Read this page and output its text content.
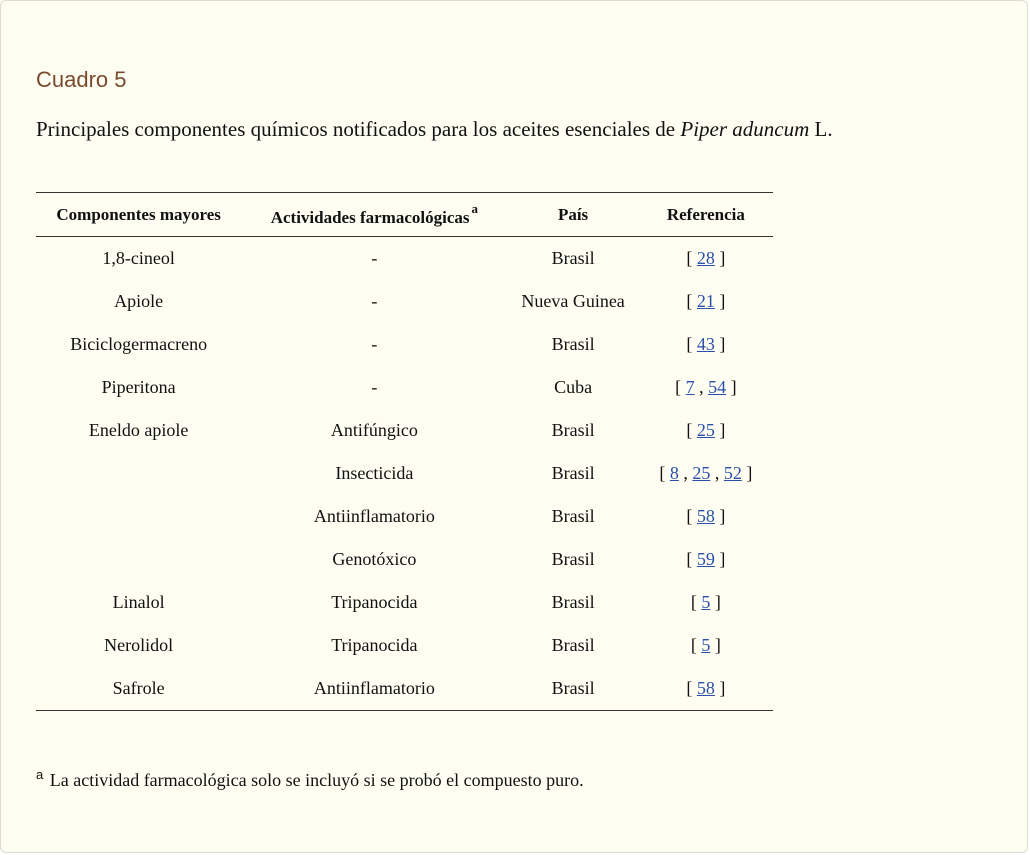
Cuadro 5

Principales componentes químicos notificados para los aceites esenciales de Piper aduncum L.

Componentes mayores	Actividades farmacológicas $^a$	País	Referencia
1,8-cineol	-	Brasil	[ 28 ]
Apiole	-	Nueva Guinea	[ 21 ]
Biciclogermacreno	-	Brasil	[ 43 ]
Piperitona	-	Cuba	[ 7 , 54 ]
Eneldo apiole	Antifúngico	Brasil	[ 25 ]
	Insecticida	Brasil	[ 8 , 25 , 52 ]
	Antiinflamatorio	Brasil	[ 58 ]
	Genotóxico	Brasil	[ 59 ]
Linalol	Tripanocida	Brasil	[ 5 ]
Nerolidol	Tripanocida	Brasil	[ 5 ]
Safrole	Antiinflamatorio	Brasil	[ 58 ]

$^a$ La actividad farmacológica solo se incluyó si se probó el compuesto puro.
